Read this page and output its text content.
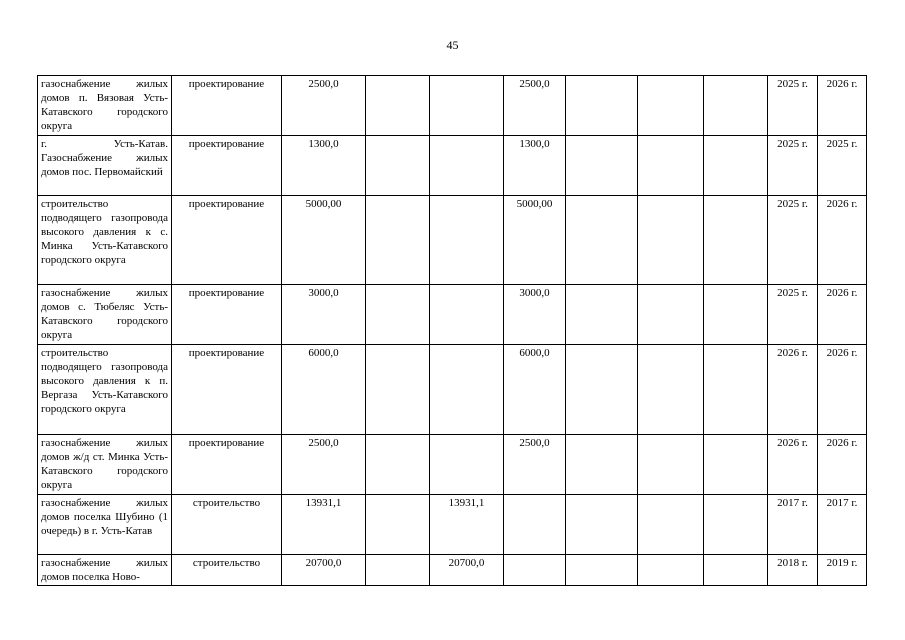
45
газоснабжение жилых домов п. Вязовая Усть-Катавского городского округа	проектирование	2500,0			2500,0				2025 г.	2026 г.
г. Усть-Катав. Газоснабжение жилых домов пос. Первомайский	проектирование	1300,0			1300,0				2025 г.	2025 г.
строительство подводящего газопровода высокого давления к с. Минка Усть-Катавского городского округа	проектирование	5000,00			5000,00				2025 г.	2026 г.
газоснабжение жилых домов с. Тюбеляс Усть-Катавского городского округа	проектирование	3000,0			3000,0				2025 г.	2026 г.
строительство подводящего газопровода высокого давления к п. Вергаза Усть-Катавского городского округа	проектирование	6000,0			6000,0				2026 г.	2026 г.
газоснабжение жилых домов ж/д ст. Минка Усть-Катавского городского округа	проектирование	2500,0			2500,0				2026 г.	2026 г.
газоснабжение жилых домов поселка Шубино (1 очередь) в г. Усть-Катав	строительство	13931,1		13931,1					2017 г.	2017 г.
газоснабжение жилых домов поселка Ново-	строительство	20700,0		20700,0					2018 г.	2019 г.
